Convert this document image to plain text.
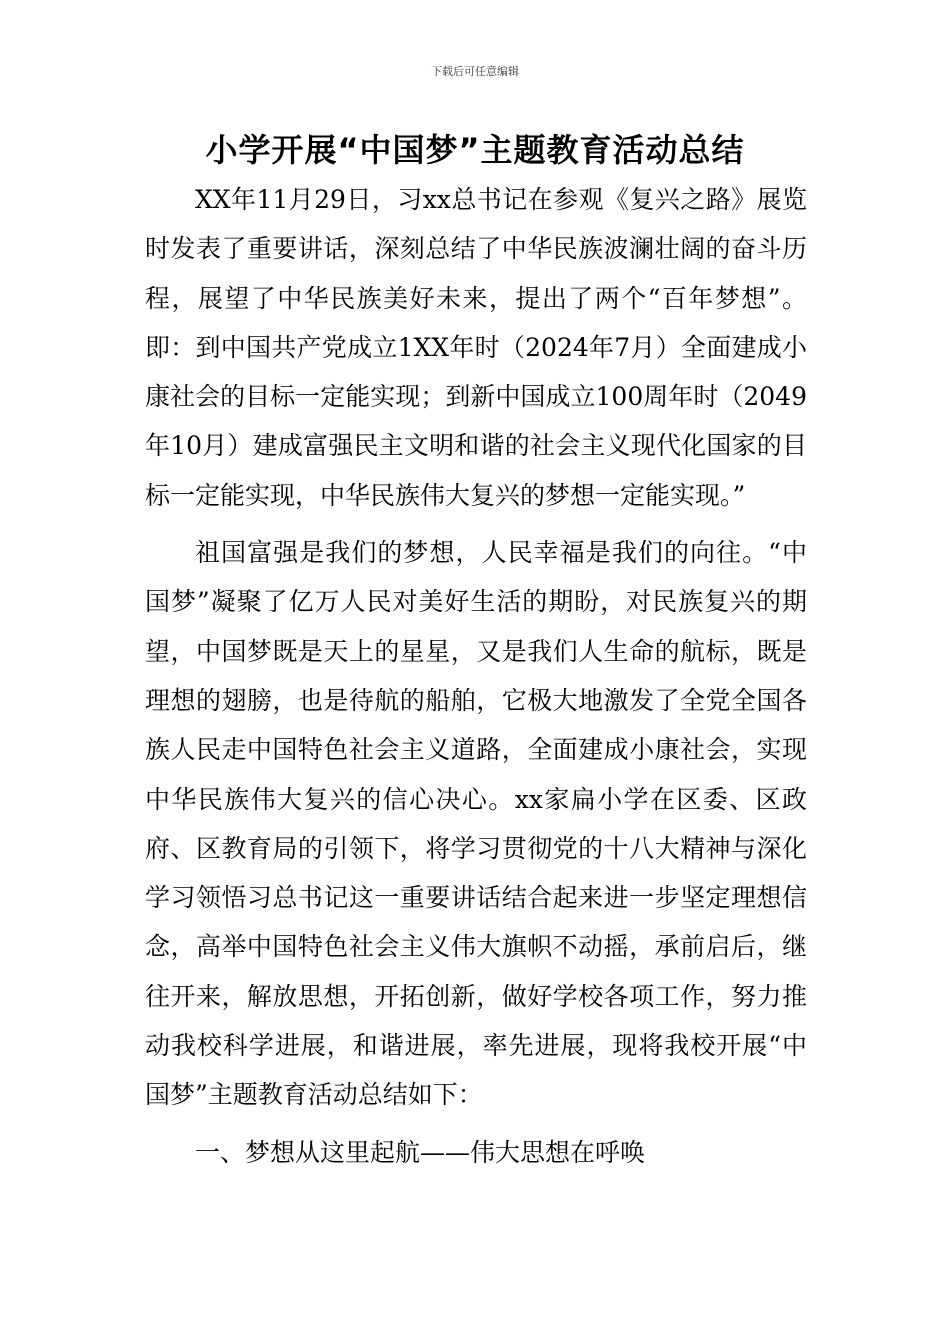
下载后可任意编辑
小学开展“中国梦”主题教育活动总结

XX年11月29日，习xx总书记在参观《复兴之路》展览时发表了重要讲话，深刻总结了中华民族波澜壮阔的奋斗历程，展望了中华民族美好未来，提出了两个“百年梦想”。即：到中国共产党成立1XX年时（2024年7月）全面建成小康社会的目标一定能实现；到新中国成立100周年时（2049年10月）建成富强民主文明和谐的社会主义现代化国家的目标一定能实现，中华民族伟大复兴的梦想一定能实现。”

祖国富强是我们的梦想，人民幸福是我们的向往。“中国梦”凝聚了亿万人民对美好生活的期盼，对民族复兴的期望，中国梦既是天上的星星，又是我们人生命的航标，既是理想的翅膀，也是待航的船舶，它极大地激发了全党全国各族人民走中国特色社会主义道路，全面建成小康社会，实现中华民族伟大复兴的信心决心。xx家扁小学在区委、区政府、区教育局的引领下，将学习贯彻党的十八大精神与深化学习领悟习总书记这一重要讲话结合起来进一步坚定理想信念，高举中国特色社会主义伟大旗帜不动摇，承前启后，继往开来，解放思想，开拓创新，做好学校各项工作，努力推动我校科学进展，和谐进展，率先进展，现将我校开展“中国梦”主题教育活动总结如下：

一、梦想从这里起航——伟大思想在呼唤
